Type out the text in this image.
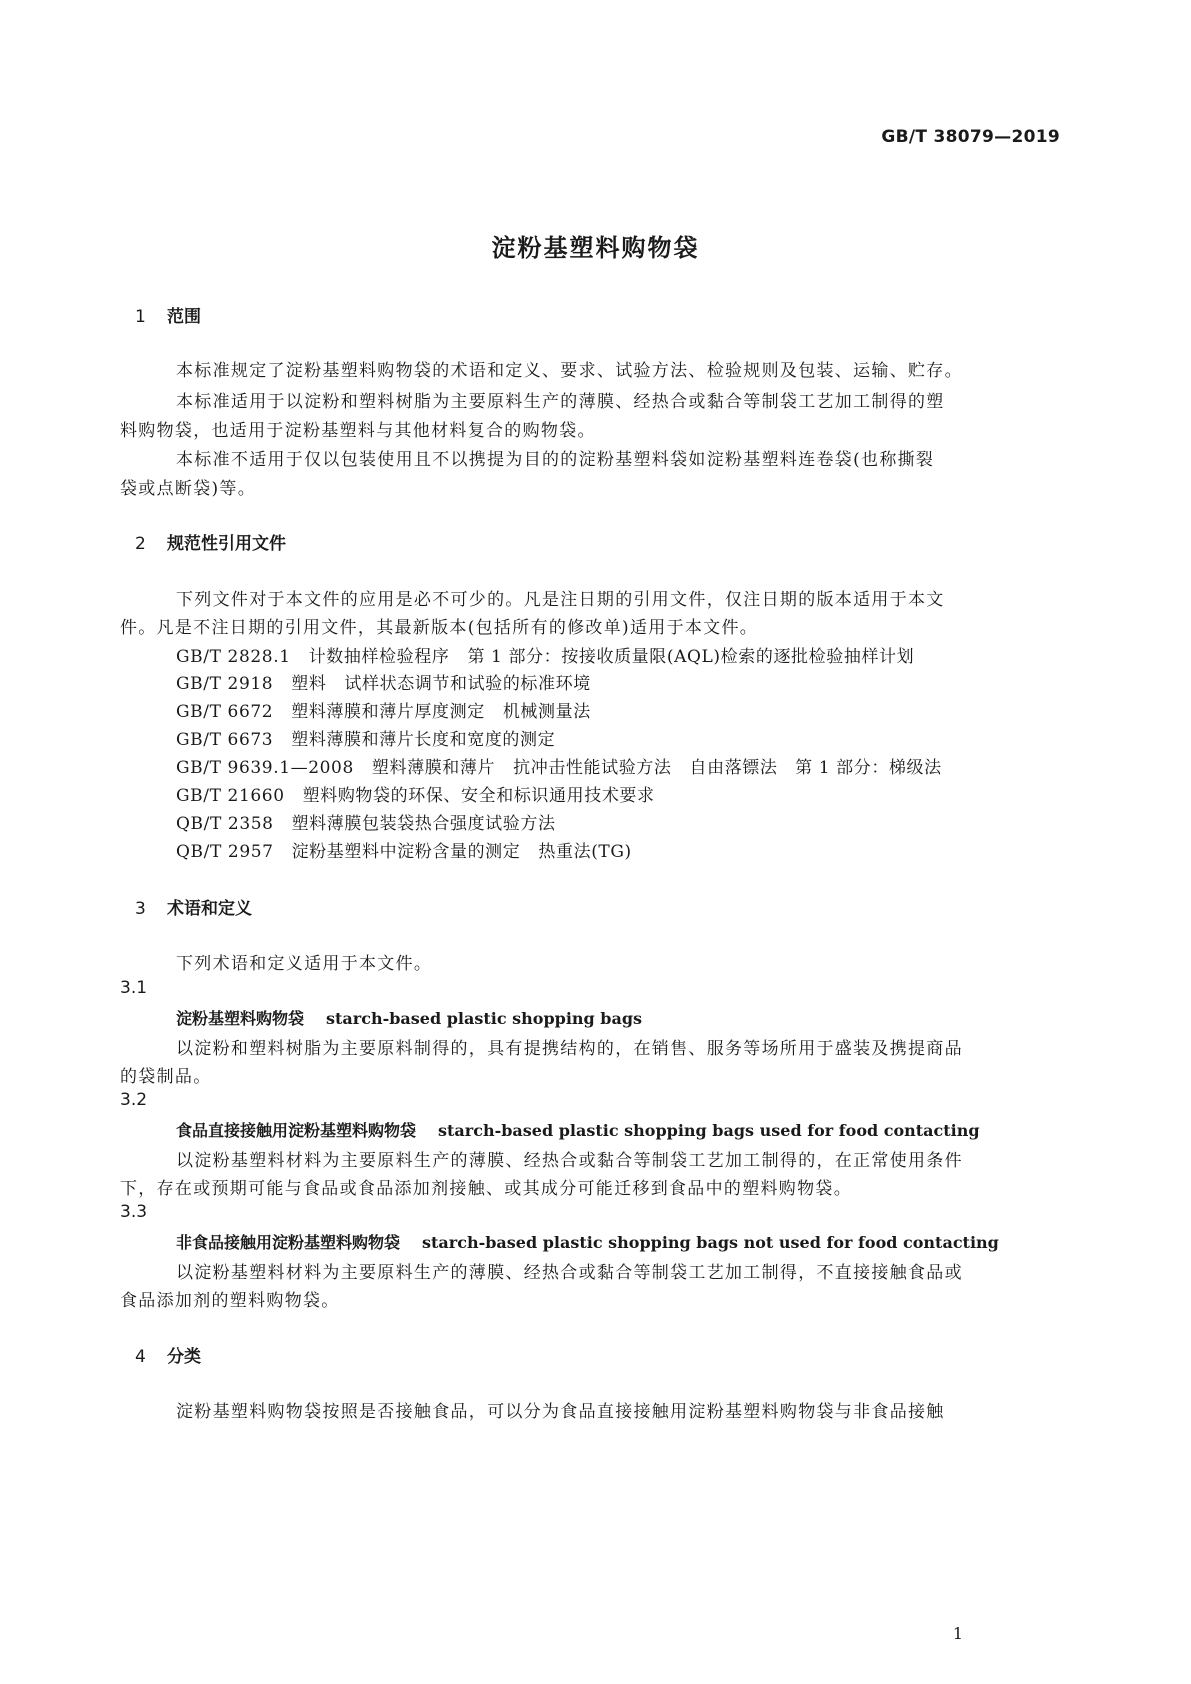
GB/T 38079—2019
淀粉基塑料购物袋
1 范围
本标准规定了淀粉基塑料购物袋的术语和定义、要求、试验方法、检验规则及包装、运输、贮存。
本标准适用于以淀粉和塑料树脂为主要原料生产的薄膜、经热合或黏合等制袋工艺加工制得的塑
料购物袋，也适用于淀粉基塑料与其他材料复合的购物袋。
本标准不适用于仅以包装使用且不以携提为目的的淀粉基塑料袋如淀粉基塑料连卷袋(也称撕裂
袋或点断袋)等。
2 规范性引用文件
下列文件对于本文件的应用是必不可少的。凡是注日期的引用文件，仅注日期的版本适用于本文
件。凡是不注日期的引用文件，其最新版本(包括所有的修改单)适用于本文件。
GB/T 2828.1 计数抽样检验程序 第 1 部分：按接收质量限(AQL)检索的逐批检验抽样计划
GB/T 2918 塑料 试样状态调节和试验的标准环境
GB/T 6672 塑料薄膜和薄片厚度测定 机械测量法
GB/T 6673 塑料薄膜和薄片长度和宽度的测定
GB/T 9639.1—2008 塑料薄膜和薄片 抗冲击性能试验方法 自由落镖法　第 1 部分：梯级法
GB/T 21660 塑料购物袋的环保、安全和标识通用技术要求
QB/T 2358 塑料薄膜包装袋热合强度试验方法
QB/T 2957 淀粉基塑料中淀粉含量的测定 热重法(TG)
3 术语和定义
下列术语和定义适用于本文件。
3.1
淀粉基塑料购物袋 starch-based plastic shopping bags
以淀粉和塑料树脂为主要原料制得的，具有提携结构的，在销售、服务等场所用于盛装及携提商品
的袋制品。
3.2
食品直接接触用淀粉基塑料购物袋 starch-based plastic shopping bags used for food contacting
以淀粉基塑料材料为主要原料生产的薄膜、经热合或黏合等制袋工艺加工制得的，在正常使用条件
下，存在或预期可能与食品或食品添加剂接触、或其成分可能迁移到食品中的塑料购物袋。
3.3
非食品接触用淀粉基塑料购物袋 starch-based plastic shopping bags not used for food contacting
以淀粉基塑料材料为主要原料生产的薄膜、经热合或黏合等制袋工艺加工制得，不直接接触食品或
食品添加剂的塑料购物袋。
4 分类
淀粉基塑料购物袋按照是否接触食品，可以分为食品直接接触用淀粉基塑料购物袋与非食品接触
1
